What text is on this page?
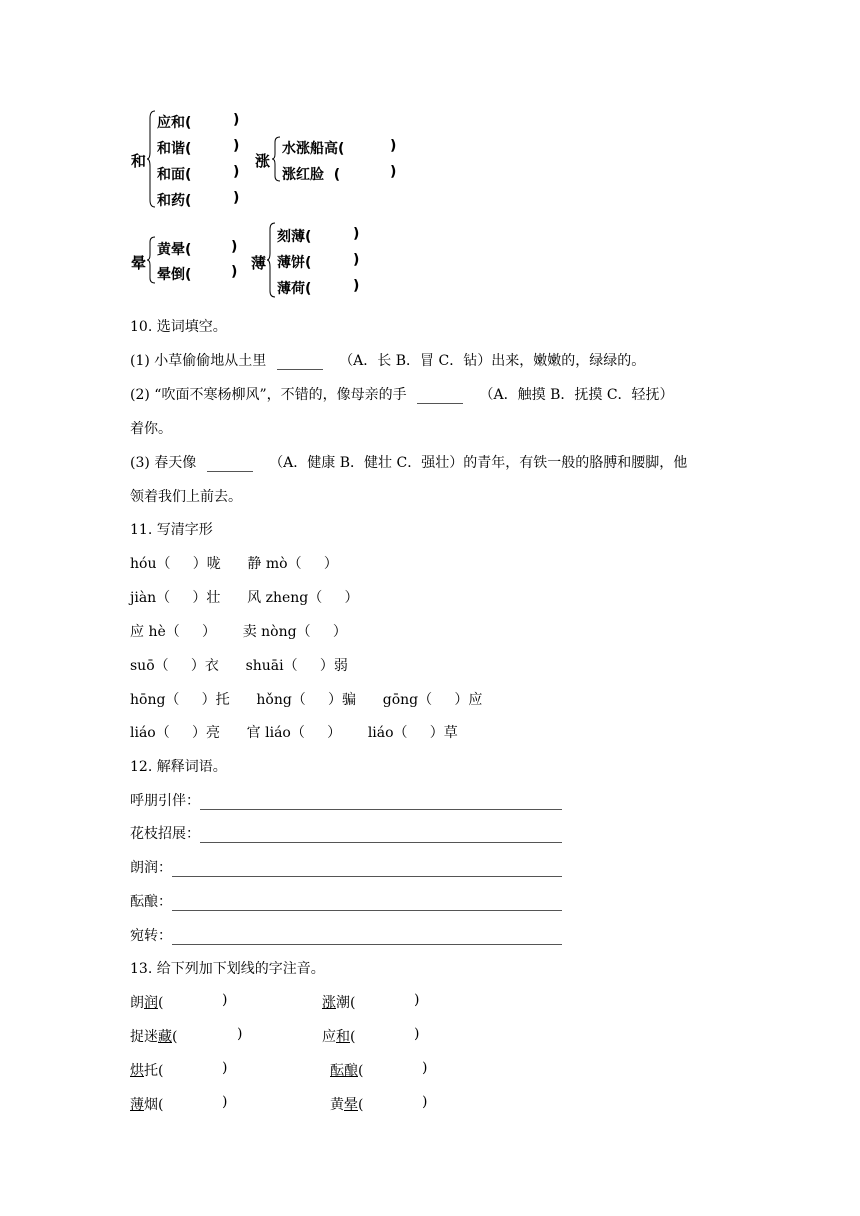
和
应和(	)
和谐(	)
和面(	)
和药(	)
涨
水涨船高(	)
涨红脸  (	)
晕
黄晕(	)
晕倒(	) 薄
刻薄(	)
薄饼(	)
薄荷(	)
10. 选词填空。
(1) 小草偷偷地从土里	（A．长 B．冒 C．钻）出来，嫩嫩的，绿绿的。
(2) “吹面不寒杨柳风”，不错的，像母亲的手	（A．触摸 B．抚摸 C．轻抚）
着你。
(3) 春天像	（A．健康 B．健壮 C．强壮）的青年，有铁一般的胳膊和腰脚，他
领着我们上前去。
11. 写清字形
hóu（     ）咙      静 mò（     ）
jiàn（     ）壮      风 zheng（     ）
应 hè（     ）      卖 nòng（     ）
suō（     ）衣      shuāi（     ）弱
hōng（     ）托      hǒng（     ）骗      gōng（     ）应
liáo（     ）亮      官 liáo（     ）      liáo（     ）草
12. 解释词语。
呼朋引伴：
花枝招展：
朗润：
酝酿：
宛转：
13. 给下列加下划线的字注音。
朗润(	)	涨潮(	)
捉迷藏(	)	应和(	)
烘托(	)	酝酿(	)
薄烟(	)	黄晕(	)
